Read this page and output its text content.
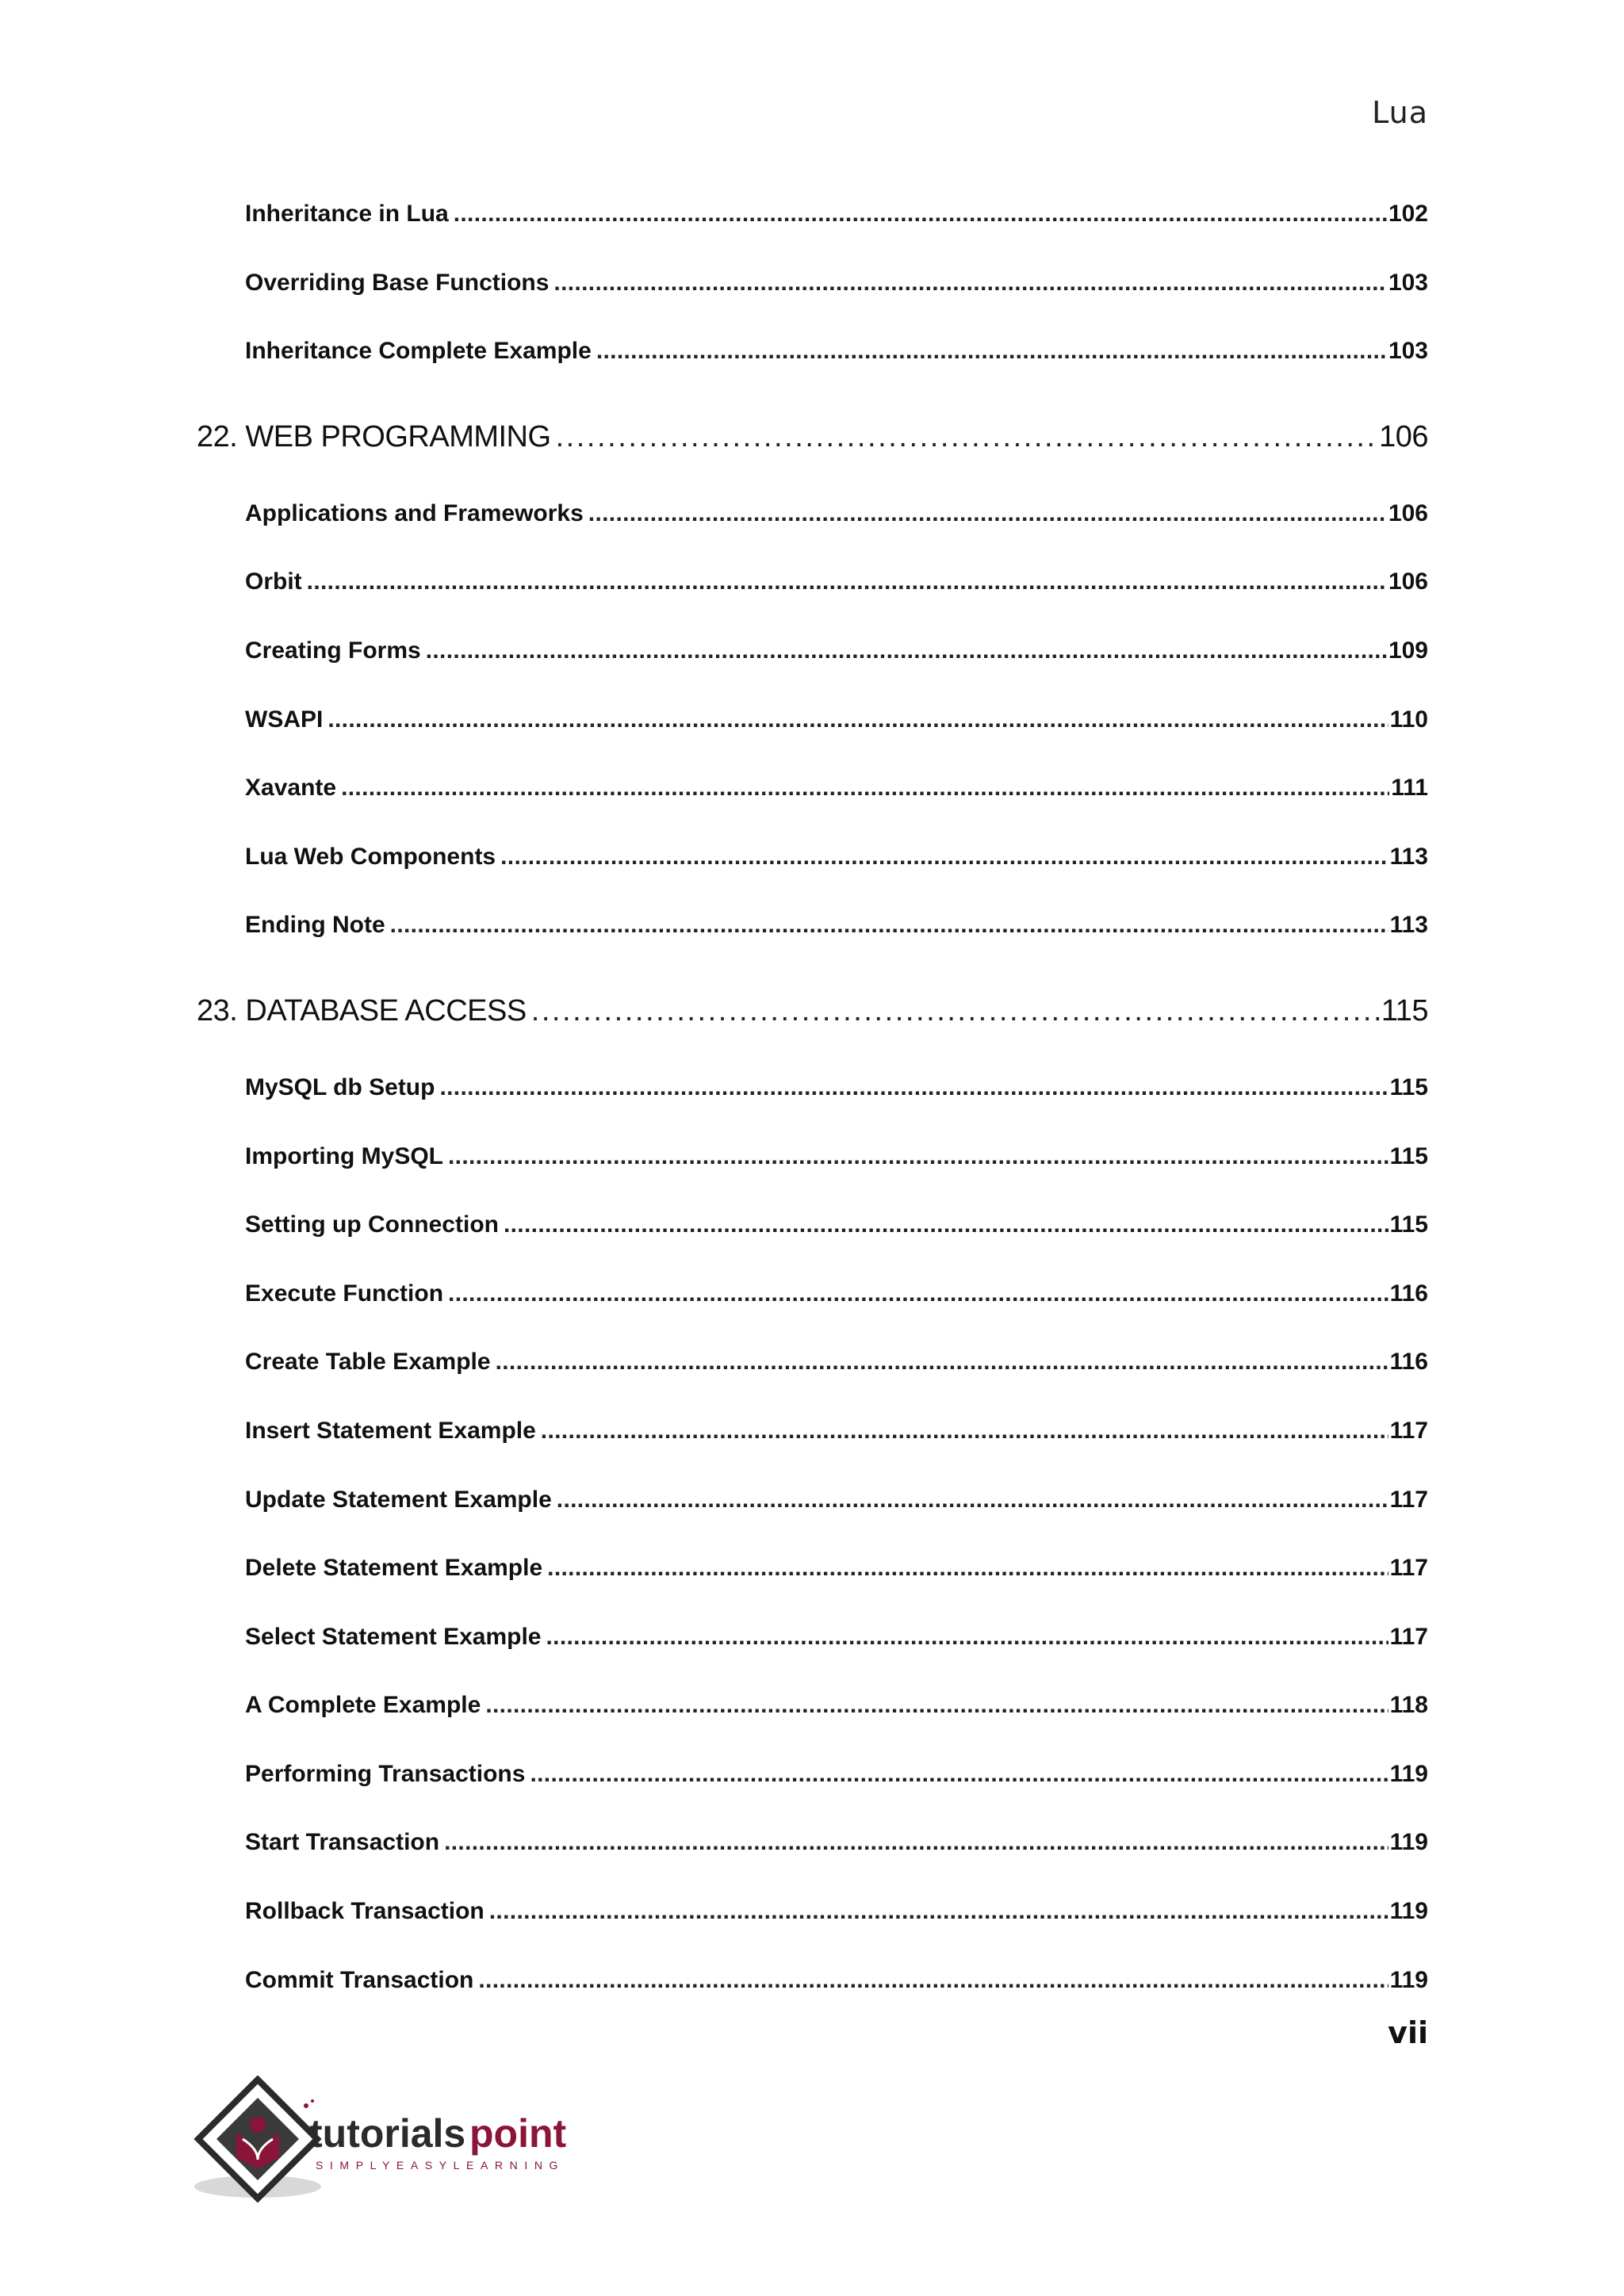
Lua
Inheritance in Lua . . .	102
Overriding Base Functions . . .	103
Inheritance Complete Example . . .	103
22. WEB PROGRAMMING . . .	106
Applications and Frameworks . . .	106
Orbit . . .	106
Creating Forms . . .	109
WSAPI . . .	110
Xavante . . .	111
Lua Web Components . . .	113
Ending Note . . .	113
23. DATABASE ACCESS . . .	115
MySQL db Setup . . .	115
Importing MySQL . . .	115
Setting up Connection . . .	115
Execute Function . . .	116
Create Table Example . . .	116
Insert Statement Example . . .	117
Update Statement Example . . .	117
Delete Statement Example . . .	117
Select Statement Example . . .	117
A Complete Example . . .	118
Performing Transactions . . .	119
Start Transaction . . .	119
Rollback Transaction . . .	119
Commit Transaction . . .	119
vii
tutorials point
SIMPLYEASYLEARNING
